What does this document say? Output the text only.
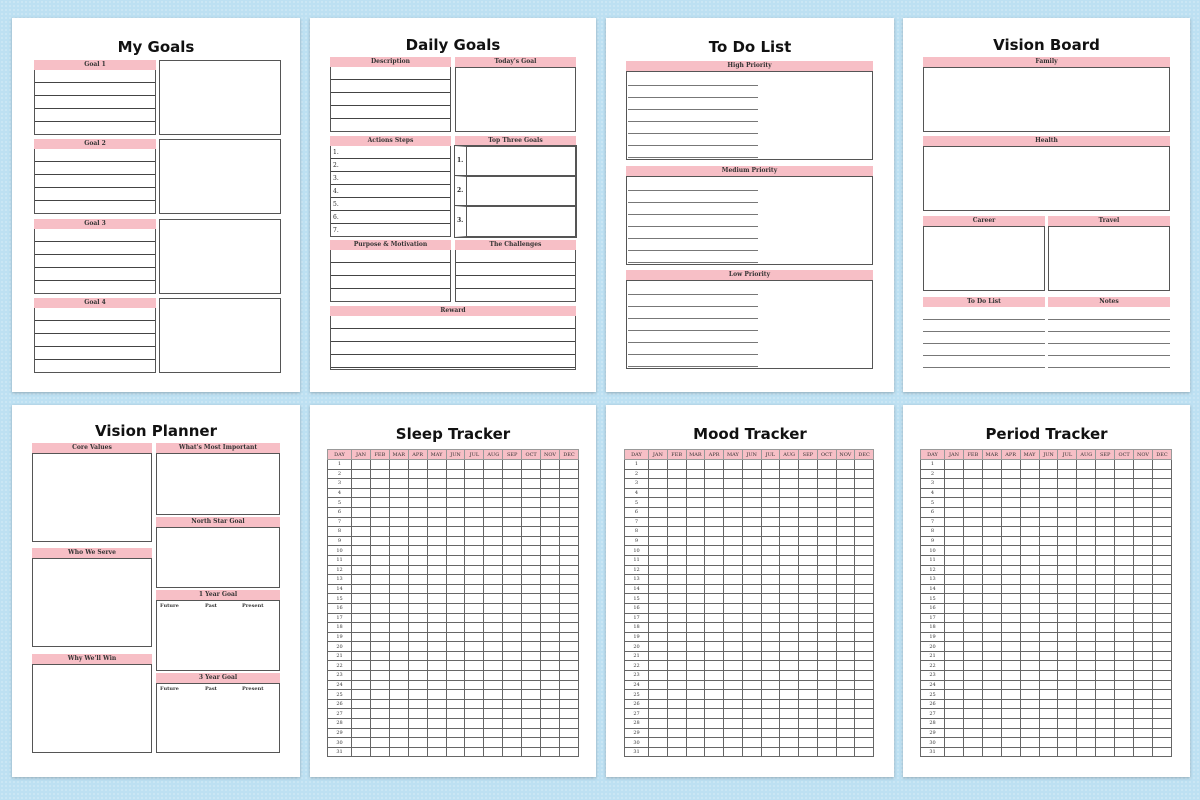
My Goals
Goal 1
Goal 2
Goal 3
Goal 4
Daily Goals
Description	Today's Goal
Actions Steps
1.
2.
3.
4.
5.
6.
7.
Top Three Goals
1.
2.
3.
Purpose & Motivation	The Challenges
Reward
To Do List
High Priority
Medium Priority
Low Priority
Vision Board
Family
Health
Career	Travel
To Do List	Notes
Vision Planner
Core Values	What's Most Important
North Star Goal
Who We Serve
1 Year Goal
Future	Past	Present
Why We'll Win
3 Year Goal
Future	Past	Present
Sleep Tracker
DAY	JAN	FEB	MAR	APR	MAY	JUN	JUL	AUG	SEP	OCT	NOV	DEC
1												
2												
3												
4												
5												
6												
7												
8												
9												
10												
11												
12												
13												
14												
15												
16												
17												
18												
19												
20												
21												
22												
23												
24												
25												
26												
27												
28												
29												
30												
31												
Mood Tracker
DAY	JAN	FEB	MAR	APR	MAY	JUN	JUL	AUG	SEP	OCT	NOV	DEC
1												
2												
3												
4												
5												
6												
7												
8												
9												
10												
11												
12												
13												
14												
15												
16												
17												
18												
19												
20												
21												
22												
23												
24												
25												
26												
27												
28												
29												
30												
31												
Period Tracker
DAY	JAN	FEB	MAR	APR	MAY	JUN	JUL	AUG	SEP	OCT	NOV	DEC
1												
2												
3												
4												
5												
6												
7												
8												
9												
10												
11												
12												
13												
14												
15												
16												
17												
18												
19												
20												
21												
22												
23												
24												
25												
26												
27												
28												
29												
30												
31												
